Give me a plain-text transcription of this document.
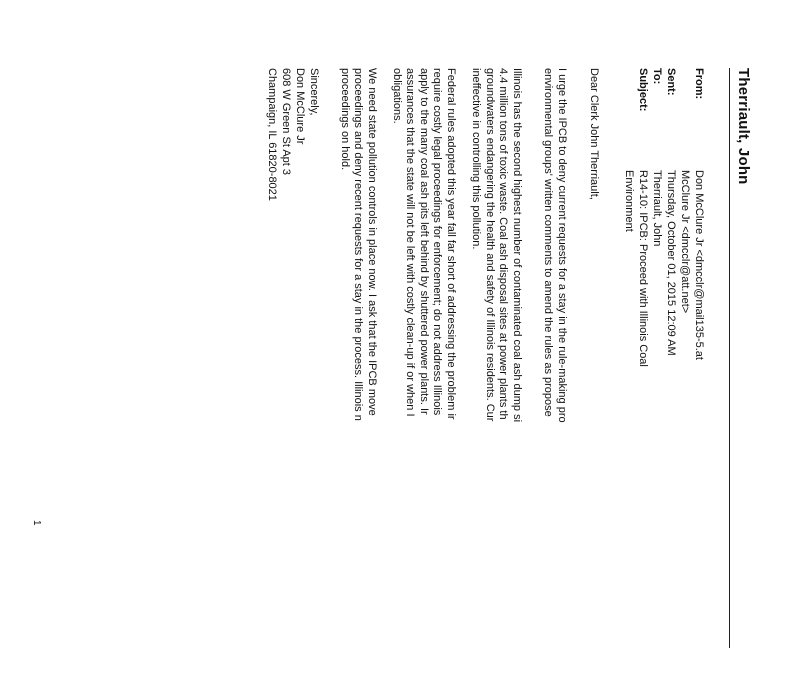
Therriault, John
From:
Don McClure Jr <dmcclr@mail135-5.at
McClure Jr <dmcclr@att.net>
Sent:
Thursday, October 01, 2015 12:09 AM
To:
Therriault, John
Subject:
R14-10: IPCB: Proceed with Illinois Coal
Environment
Dear Clerk John Therriault,
I urge the IPCB to deny current requests for a stay in the rule-making pro
environmental groups' written comments to amend the rules as propose
Illinois has the second highest number of contaminated coal ash dump si
4.4 million tons of toxic waste. Coal ash disposal sites at power plants th
groundwaters endangering the health and safety of Illinois residents. Cur
ineffective in controlling this pollution.
Federal rules adopted this year fall far short of addressing the problem ir
require costly legal proceedings for enforcement; do not address Illinois
apply to the many coal ash pits left behind by shuttered power plants. Ir
assurances that the state will not be left with costly clean-up if or when I
obligations.
We need state pollution controls in place now. I ask that the IPCB move
proceedings and deny recent requests for a stay in the process. Illinois n
proceedings on hold.
Sincerely,
Don McClure Jr
608 W Green St Apt 3
Champaign, IL 61820-8021
1
